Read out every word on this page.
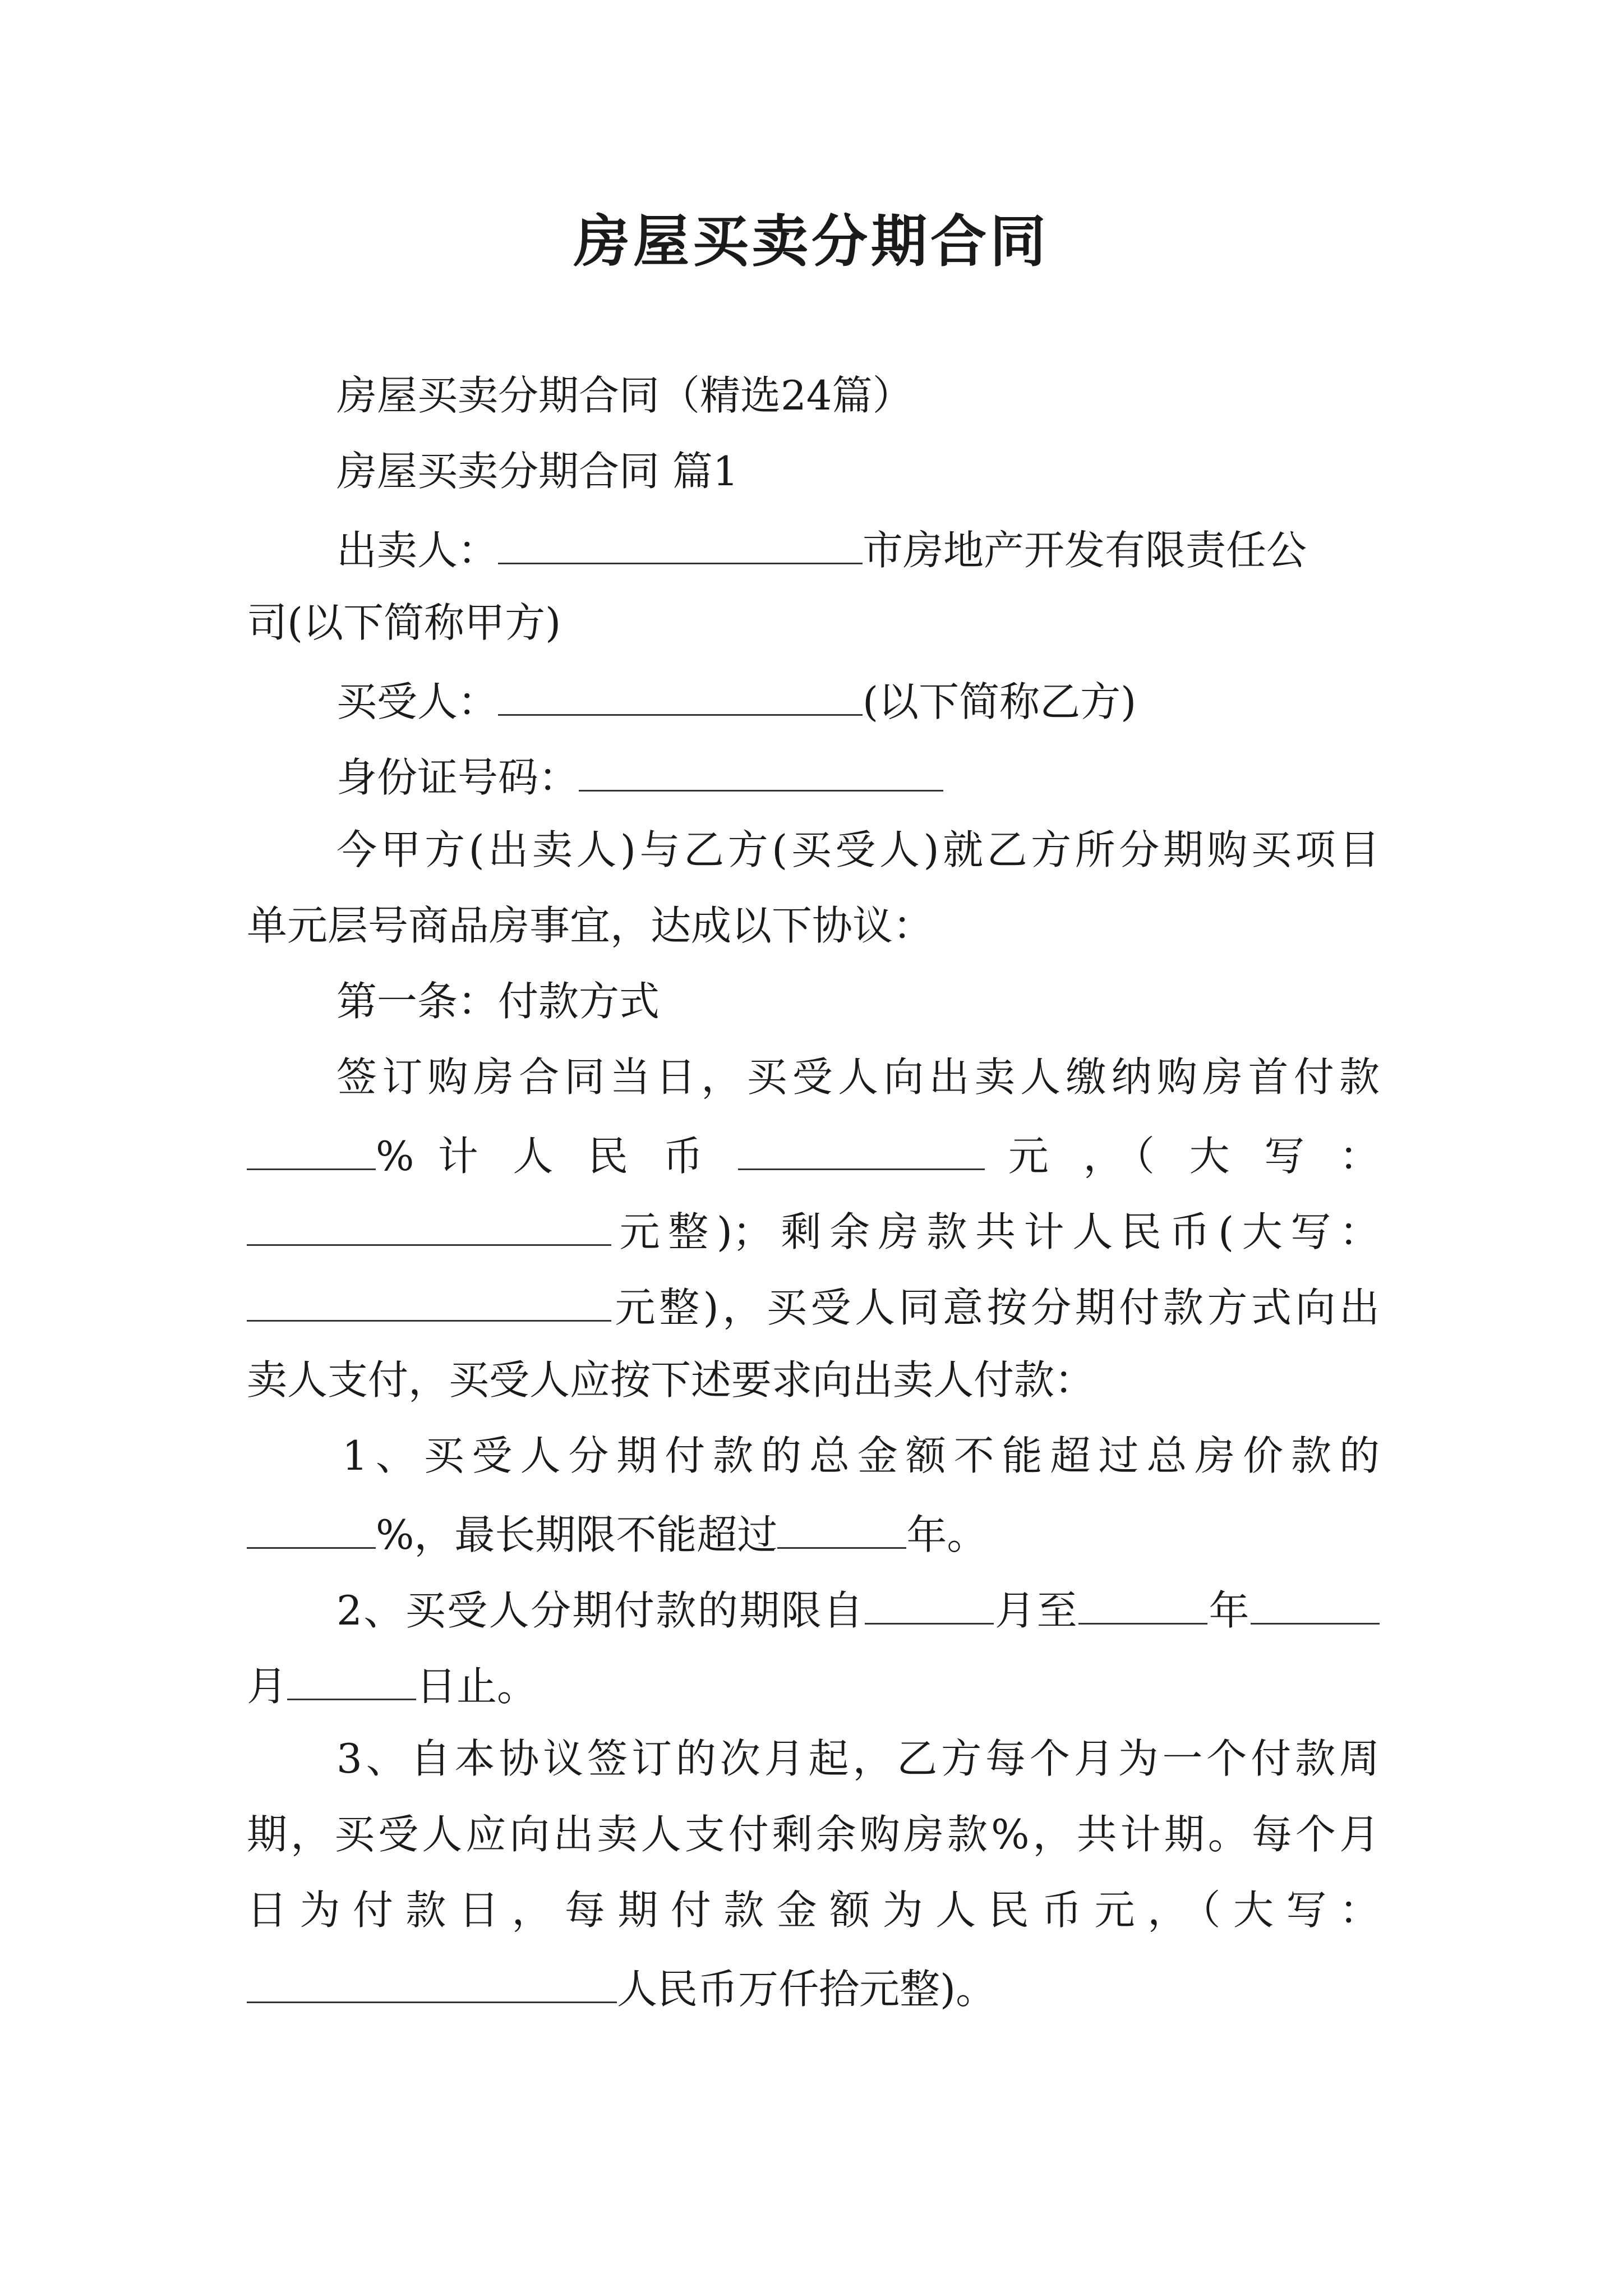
房屋买卖分期合同
房屋买卖分期合同（精选24篇）
房屋买卖分期合同 篇1
出卖人：	市房地产开发有限责任公
司(以下简称甲方)
买受人：	(以下简称乙方)
身份证号码：
今甲方(出卖人)与乙方(买受人)就乙方所分期购买项目
单元层号商品房事宜，达成以下协议：
第一条：付款方式
签订购房合同当日，买受人向出卖人缴纳购房首付款
% 计 人 民 币	元 ，（ 大 写 ：
元整)；剩余房款共计人民币(大写：
元整)，买受人同意按分期付款方式向出
卖人支付，买受人应按下述要求向出卖人付款：
1、买受人分期付款的总金额不能超过总房价款的
%，最长期限不能超过	年。
2、买受人分期付款的期限自	月至	年
月	日止。
3、自本协议签订的次月起，乙方每个月为一个付款周
期，买受人应向出卖人支付剩余购房款%，共计期。每个月
日为付款日，每期付款金额为人民币元，（大写：
人民币万仟拾元整)。
